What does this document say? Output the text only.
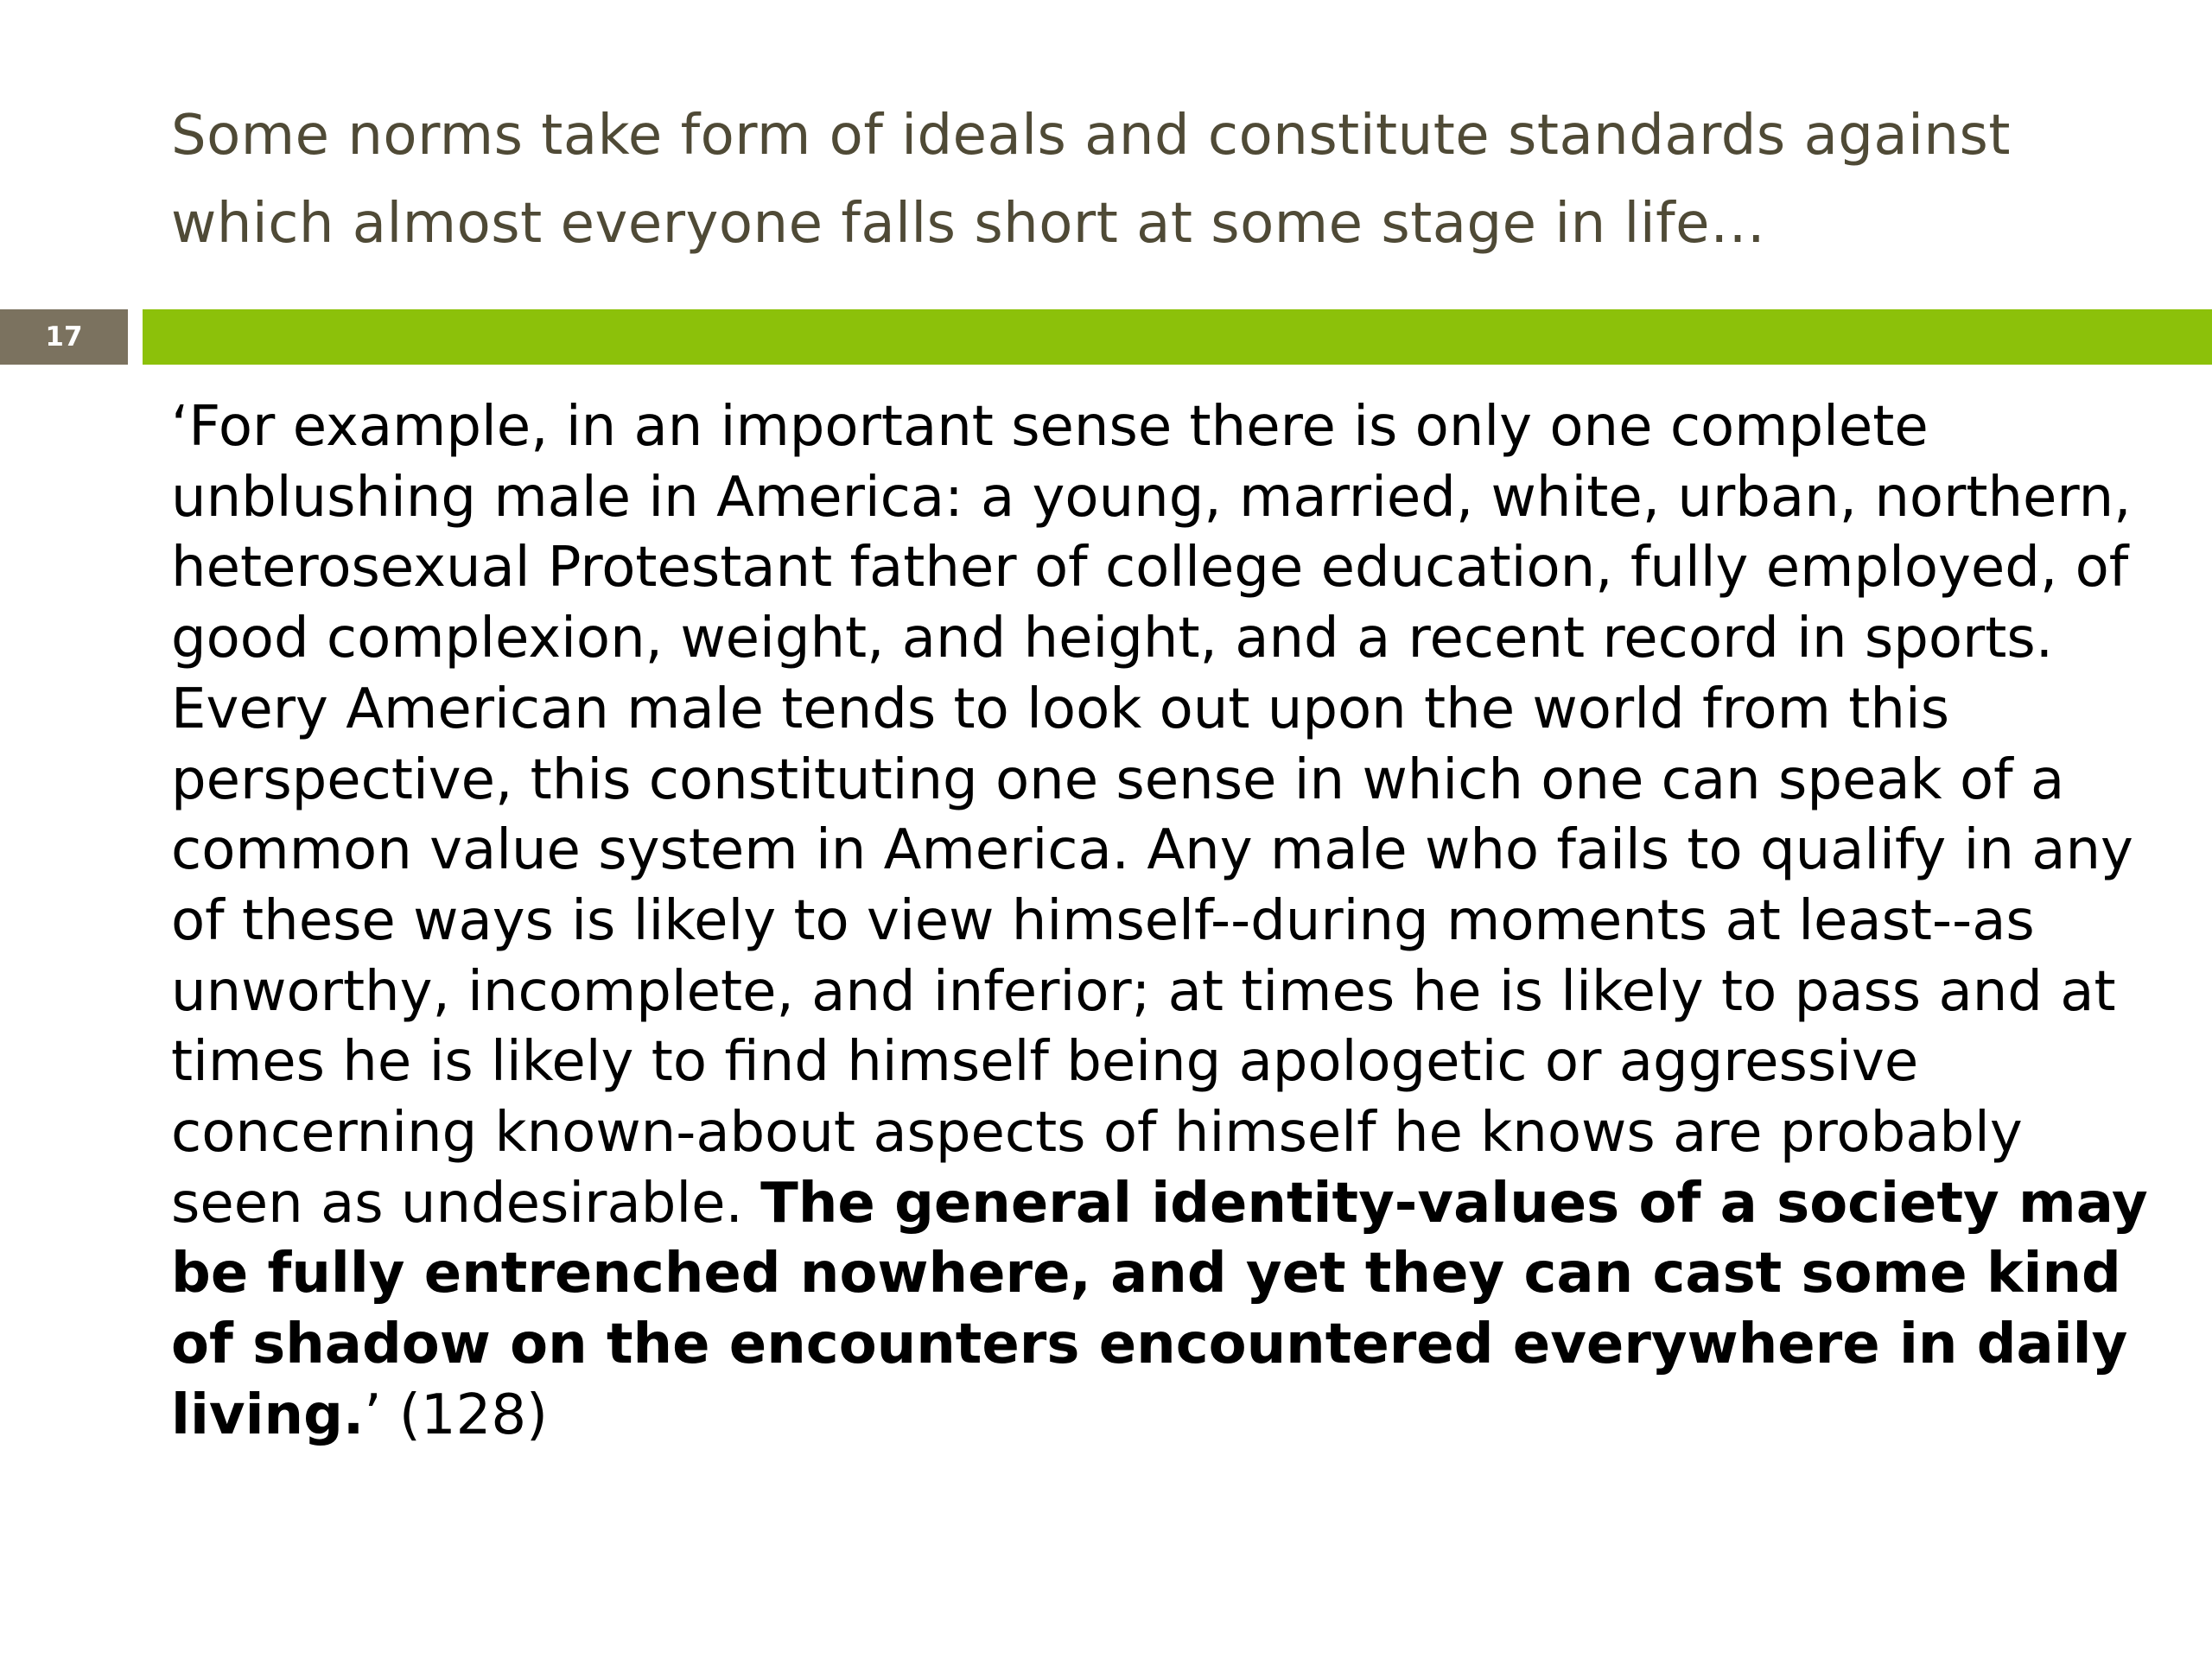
Some norms take form of ideals and constitute standards against which almost everyone falls short at some stage in life…
17

‘For example, in an important sense there is only one complete unblushing male in America: a young, married, white, urban, northern, heterosexual Protestant father of college education, fully employed, of good complexion, weight, and height, and a recent record in sports. Every American male tends to look out upon the world from this perspective, this constituting one sense in which one can speak of a common value system in America. Any male who fails to qualify in any of these ways is likely to view himself--during moments at least--as unworthy, incomplete, and inferior; at times he is likely to pass and at times he is likely to find himself being apologetic or aggressive concerning known-about aspects of himself he knows are probably seen as undesirable. The general identity-values of a society may be fully entrenched nowhere, and yet they can cast some kind of shadow on the encounters encountered everywhere in daily living.’ (128)
